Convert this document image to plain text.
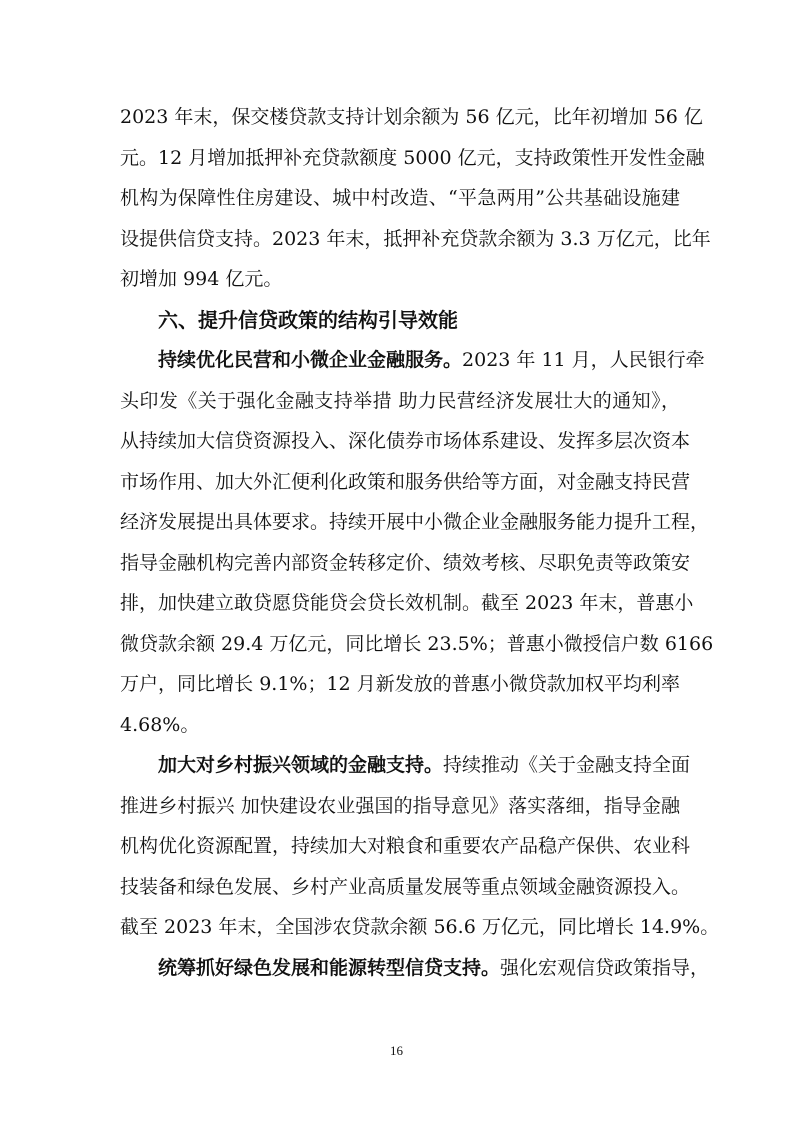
2023 年末，保交楼贷款支持计划余额为 56 亿元，比年初增加 56 亿
元。12 月增加抵押补充贷款额度 5000 亿元，支持政策性开发性金融
机构为保障性住房建设、城中村改造、“平急两用”公共基础设施建
设提供信贷支持。2023 年末，抵押补充贷款余额为 3.3 万亿元，比年
初增加 994 亿元。
六、提升信贷政策的结构引导效能
持续优化民营和小微企业金融服务。2023 年 11 月，人民银行牵
头印发《关于强化金融支持举措 助力民营经济发展壮大的通知》，
从持续加大信贷资源投入、深化债券市场体系建设、发挥多层次资本
市场作用、加大外汇便利化政策和服务供给等方面，对金融支持民营
经济发展提出具体要求。持续开展中小微企业金融服务能力提升工程，
指导金融机构完善内部资金转移定价、绩效考核、尽职免责等政策安
排，加快建立敢贷愿贷能贷会贷长效机制。截至 2023 年末，普惠小
微贷款余额 29.4 万亿元，同比增长 23.5%；普惠小微授信户数 6166
万户，同比增长 9.1%；12 月新发放的普惠小微贷款加权平均利率
4.68%。
加大对乡村振兴领域的金融支持。持续推动《关于金融支持全面
推进乡村振兴 加快建设农业强国的指导意见》落实落细，指导金融
机构优化资源配置，持续加大对粮食和重要农产品稳产保供、农业科
技装备和绿色发展、乡村产业高质量发展等重点领域金融资源投入。
截至 2023 年末，全国涉农贷款余额 56.6 万亿元，同比增长 14.9%。
统筹抓好绿色发展和能源转型信贷支持。强化宏观信贷政策指导，
16
